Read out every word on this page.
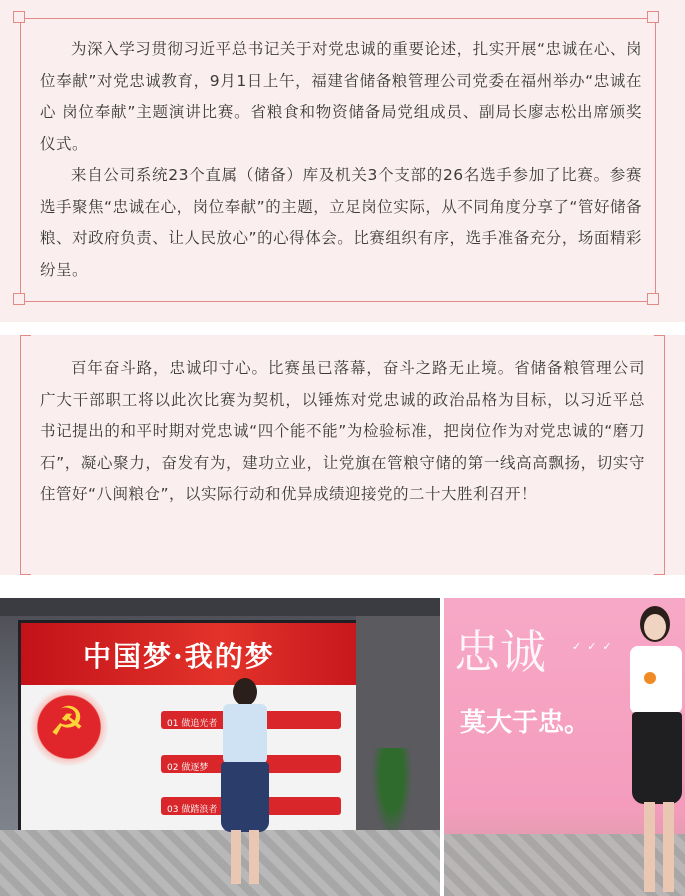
为深入学习贯彻习近平总书记关于对党忠诚的重要论述，扎实开展“忠诚在心、岗位奉献”对党忠诚教育，9月1日上午，福建省储备粮管理公司党委在福州举办“忠诚在心 岗位奉献”主题演讲比赛。省粮食和物资储备局党组成员、副局长廖志松出席颁奖仪式。

来自公司系统23个直属（储备）库及机关3个支部的26名选手参加了比赛。参赛选手聚焦“忠诚在心，岗位奉献”的主题，立足岗位实际，从不同角度分享了“管好储备粮、对政府负责、让人民放心”的心得体会。比赛组织有序，选手准备充分，场面精彩纷呈。

百年奋斗路，忠诚印寸心。比赛虽已落幕，奋斗之路无止境。省储备粮管理公司广大干部职工将以此次比赛为契机，以锤炼对党忠诚的政治品格为目标，以习近平总书记提出的和平时期对党忠诚“四个能不能”为检验标准，把岗位作为对党忠诚的“磨刀石”，凝心聚力，奋发有为，建功立业，让党旗在管粮守储的第一线高高飘扬，切实守住管好“八闽粮仓”，以实际行动和优异成绩迎接党的二十大胜利召开！

中国梦·我的梦
☭	01 做追光者
02 做逐梦
03 做踏浪者
忠诚 ✓✓✓
莫大于忠。
